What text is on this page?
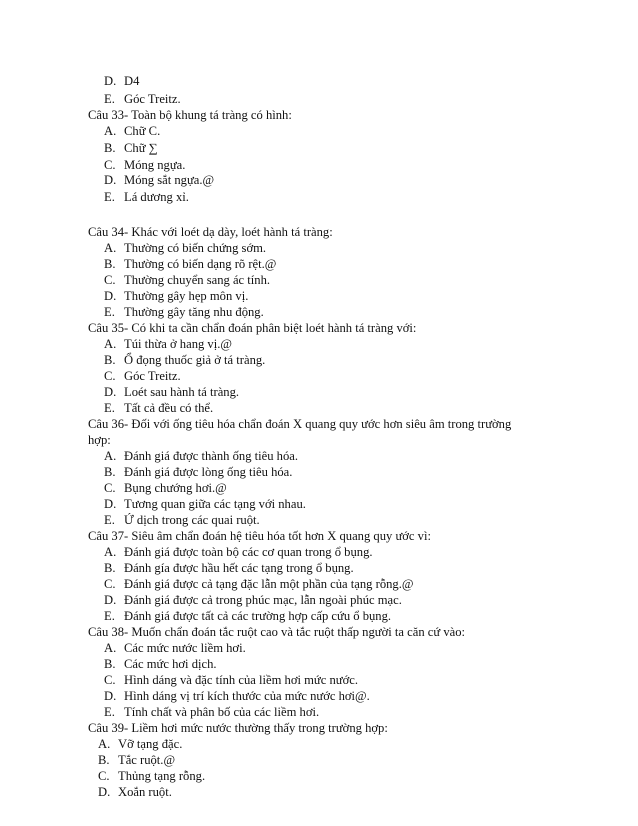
D. D4
E. Góc Treitz.
Câu 33- Toàn bộ khung tá tràng có hình:
A. Chữ C.
B. Chữ ∑
C. Móng ngựa.
D. Móng sắt ngựa.@
E. Lá dương xỉ.
Câu 34- Khác với loét dạ dày, loét hành tá tràng:
A. Thường có biến chứng sớm.
B. Thường có biến dạng rõ rệt.@
C. Thường chuyển sang ác tính.
D. Thường gây hẹp môn vị.
E. Thường gây tăng nhu động.
Câu 35- Có khi ta cần chẩn đoán phân biệt loét hành tá tràng với:
A. Túi thừa ở hang vị.@
B. Ổ đọng thuốc giả ở tá tràng.
C. Góc Treitz.
D. Loét sau hành tá tràng.
E. Tất cả đều có thể.
Câu 36- Đối với ống tiêu hóa chẩn đoán X quang quy ước hơn siêu âm trong trường
hợp:
A. Đánh giá được thành ống tiêu hóa.
B. Đánh giá được lòng ống tiêu hóa.
C. Bụng chướng hơi.@
D. Tương quan giữa các tạng với nhau.
E. Ứ dịch trong các quai ruột.
Câu 37- Siêu âm chẩn đoán hệ tiêu hóa tốt hơn X quang quy ước vì:
A. Đánh giá được toàn bộ các cơ quan trong ổ bụng.
B. Đánh gía được hầu hết các tạng trong ổ bụng.
C. Đánh giá được cả tạng đặc lẫn một phần của tạng rỗng.@
D. Đánh giá được cả trong phúc mạc, lẫn ngoài phúc mạc.
E. Đánh giá được tất cả các trường hợp cấp cứu ổ bụng.
Câu 38- Muốn chẩn đoán tắc ruột cao và tắc ruột thấp người ta căn cứ vào:
A. Các mức nước liềm hơi.
B. Các mức hơi dịch.
C. Hình dáng và đặc tính của liềm hơi mức nước.
D. Hình dáng vị trí kích thước của mức nước hơi@.
E. Tính chất và phân bố của các liềm hơi.
Câu 39- Liềm hơi mức nước thường thấy trong trường hợp:
A. Vỡ tạng đặc.
B. Tắc ruột.@
C. Thủng tạng rỗng.
D. Xoắn ruột.
